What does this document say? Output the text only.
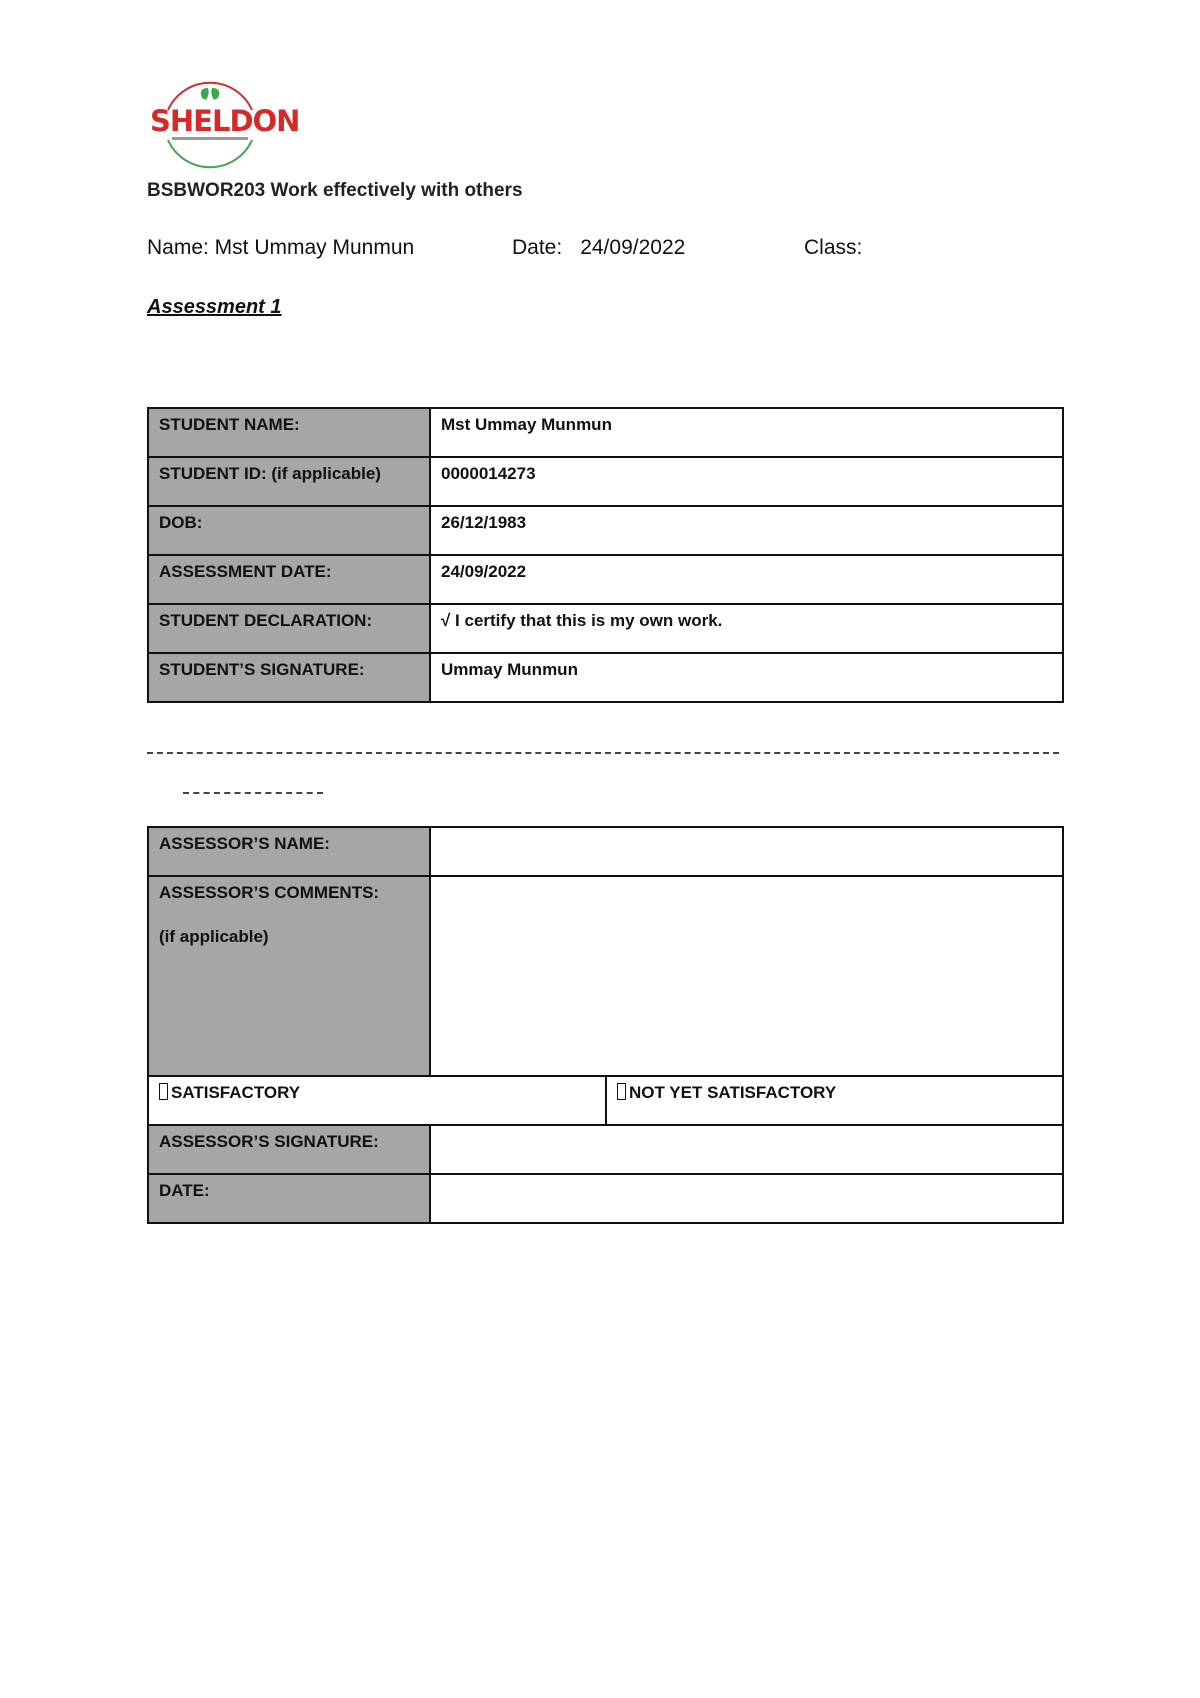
SHELDON
BSBWOR203 Work effectively with others
Name: Mst Ummay Munmun	Date: 24/09/2022	Class:
Assessment 1
STUDENT NAME:	Mst Ummay Munmun
STUDENT ID: (if applicable)	0000014273
DOB:	26/12/1983
ASSESSMENT DATE:	24/09/2022
STUDENT DECLARATION:	√ I certify that this is my own work.
STUDENT’S SIGNATURE:	Ummay Munmun
ASSESSOR’S NAME:		
ASSESSOR’S COMMENTS:
(if applicable)		

SATISFACTORY		NOT YET SATISFACTORY
ASSESSOR’S SIGNATURE:		
DATE:		
